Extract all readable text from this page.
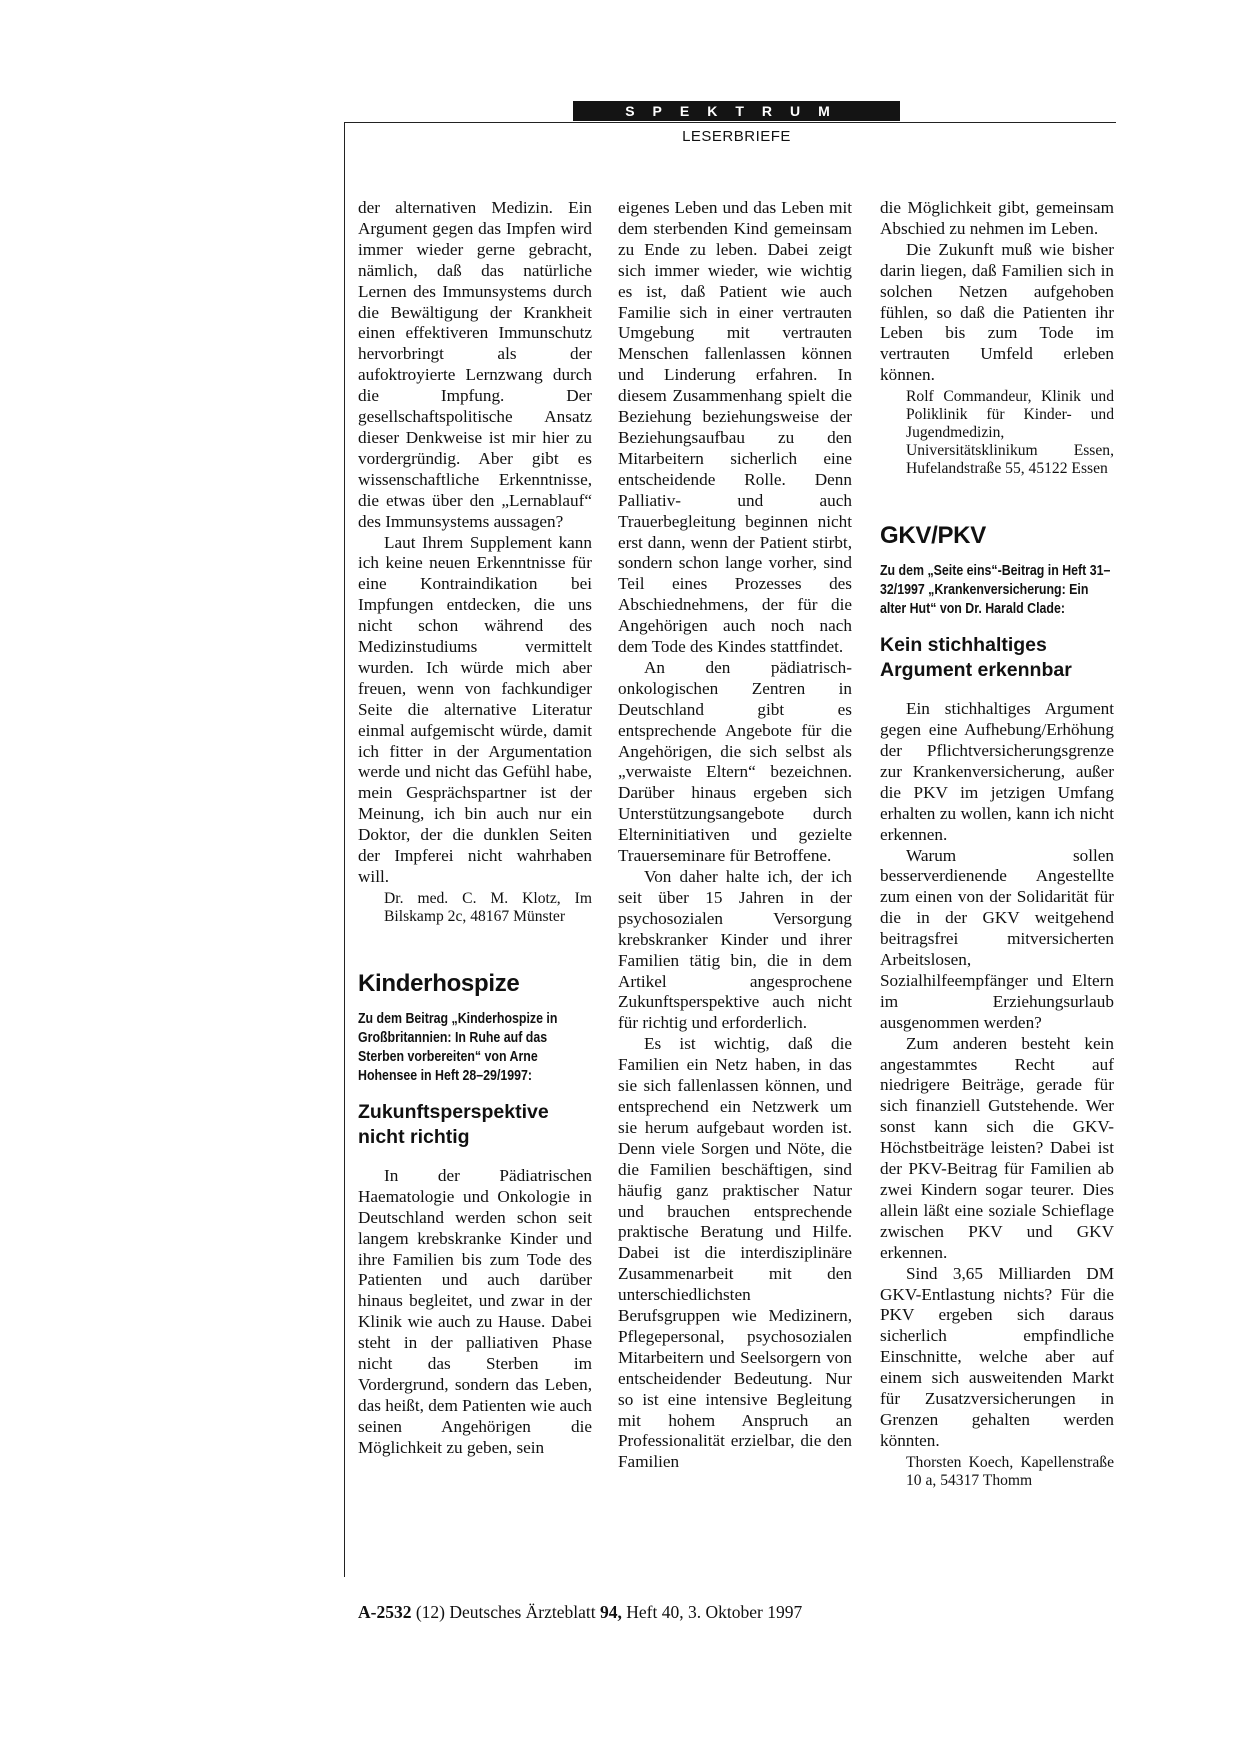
SPEKTRUM
LESERBRIEFE

der alternativen Medizin. Ein Argument gegen das Impfen wird immer wieder gerne gebracht, nämlich, daß das natürliche Lernen des Immunsystems durch die Bewältigung der Krankheit einen effektiveren Immunschutz hervorbringt als der aufoktroyierte Lernzwang durch die Impfung. Der gesellschaftspolitische Ansatz dieser Denkweise ist mir hier zu vordergründig. Aber gibt es wissenschaftliche Erkenntnisse, die etwas über den „Lernablauf“ des Immunsystems aussagen?

Laut Ihrem Supplement kann ich keine neuen Erkenntnisse für eine Kontraindikation bei Impfungen entdecken, die uns nicht schon während des Medizinstudiums vermittelt wurden. Ich würde mich aber freuen, wenn von fachkundiger Seite die alternative Literatur einmal aufgemischt würde, damit ich fitter in der Argumentation werde und nicht das Gefühl habe, mein Gesprächspartner ist der Meinung, ich bin auch nur ein Doktor, der die dunklen Seiten der Impferei nicht wahrhaben will.

Dr. med. C. M. Klotz, Im Bilskamp 2c, 48167 Münster

Kinderhospize
Zu dem Beitrag „Kinderhospize in Großbritannien: In Ruhe auf das Sterben vorbereiten“ von Arne Hohensee in Heft 28–29/1997:
Zukunftsperspektive nicht richtig

In der Pädiatrischen Haematologie und Onkologie in Deutschland werden schon seit langem krebskranke Kinder und ihre Familien bis zum Tode des Patienten und auch darüber hinaus begleitet, und zwar in der Klinik wie auch zu Hause. Dabei steht in der palliativen Phase nicht das Sterben im Vordergrund, sondern das Leben, das heißt, dem Patienten wie auch seinen Angehörigen die Möglichkeit zu geben, sein

eigenes Leben und das Leben mit dem sterbenden Kind gemeinsam zu Ende zu leben. Dabei zeigt sich immer wieder, wie wichtig es ist, daß Patient wie auch Familie sich in einer vertrauten Umgebung mit vertrauten Menschen fallenlassen können und Linderung erfahren. In diesem Zusammenhang spielt die Beziehung beziehungsweise der Beziehungsaufbau zu den Mitarbeitern sicherlich eine entscheidende Rolle. Denn Palliativ- und auch Trauerbegleitung beginnen nicht erst dann, wenn der Patient stirbt, sondern schon lange vorher, sind Teil eines Prozesses des Abschiednehmens, der für die Angehörigen auch noch nach dem Tode des Kindes stattfindet.

An den pädiatrisch-onkologischen Zentren in Deutschland gibt es entsprechende Angebote für die Angehörigen, die sich selbst als „verwaiste Eltern“ bezeichnen. Darüber hinaus ergeben sich Unterstützungsangebote durch Elterninitiativen und gezielte Trauerseminare für Betroffene.

Von daher halte ich, der ich seit über 15 Jahren in der psychosozialen Versorgung krebskranker Kinder und ihrer Familien tätig bin, die in dem Artikel angesprochene Zukunftsperspektive auch nicht für richtig und erforderlich.

Es ist wichtig, daß die Familien ein Netz haben, in das sie sich fallenlassen können, und entsprechend ein Netzwerk um sie herum aufgebaut worden ist. Denn viele Sorgen und Nöte, die die Familien beschäftigen, sind häufig ganz praktischer Natur und brauchen entsprechende praktische Beratung und Hilfe. Dabei ist die interdisziplinäre Zusammenarbeit mit den unterschiedlichsten Berufsgruppen wie Medizinern, Pflegepersonal, psychosozialen Mitarbeitern und Seelsorgern von entscheidender Bedeutung. Nur so ist eine intensive Begleitung mit hohem Anspruch an Professionalität erzielbar, die den Familien

die Möglichkeit gibt, gemeinsam Abschied zu nehmen im Leben.

Die Zukunft muß wie bisher darin liegen, daß Familien sich in solchen Netzen aufgehoben fühlen, so daß die Patienten ihr Leben bis zum Tode im vertrauten Umfeld erleben können.

Rolf Commandeur, Klinik und Poliklinik für Kinder- und Jugendmedizin, Universitätsklinikum Essen, Hufelandstraße 55, 45122 Essen

GKV/PKV
Zu dem „Seite eins“-Beitrag in Heft 31–32/1997 „Krankenversicherung: Ein alter Hut“ von Dr. Harald Clade:
Kein stichhaltiges Argument erkennbar

Ein stichhaltiges Argument gegen eine Aufhebung/Erhöhung der Pflichtversicherungsgrenze zur Krankenversicherung, außer die PKV im jetzigen Umfang erhalten zu wollen, kann ich nicht erkennen.

Warum sollen besserverdienende Angestellte zum einen von der Solidarität für die in der GKV weitgehend beitragsfrei mitversicherten Arbeitslosen, Sozialhilfeempfänger und Eltern im Erziehungsurlaub ausgenommen werden?

Zum anderen besteht kein angestammtes Recht auf niedrigere Beiträge, gerade für sich finanziell Gutstehende. Wer sonst kann sich die GKV-Höchstbeiträge leisten? Dabei ist der PKV-Beitrag für Familien ab zwei Kindern sogar teurer. Dies allein läßt eine soziale Schieflage zwischen PKV und GKV erkennen.

Sind 3,65 Milliarden DM GKV-Entlastung nichts? Für die PKV ergeben sich daraus sicherlich empfindliche Einschnitte, welche aber auf einem sich ausweitenden Markt für Zusatzversicherungen in Grenzen gehalten werden könnten.

Thorsten Koech, Kapellenstraße 10 a, 54317 Thomm

A-2532 (12) Deutsches Ärzteblatt 94, Heft 40, 3. Oktober 1997
